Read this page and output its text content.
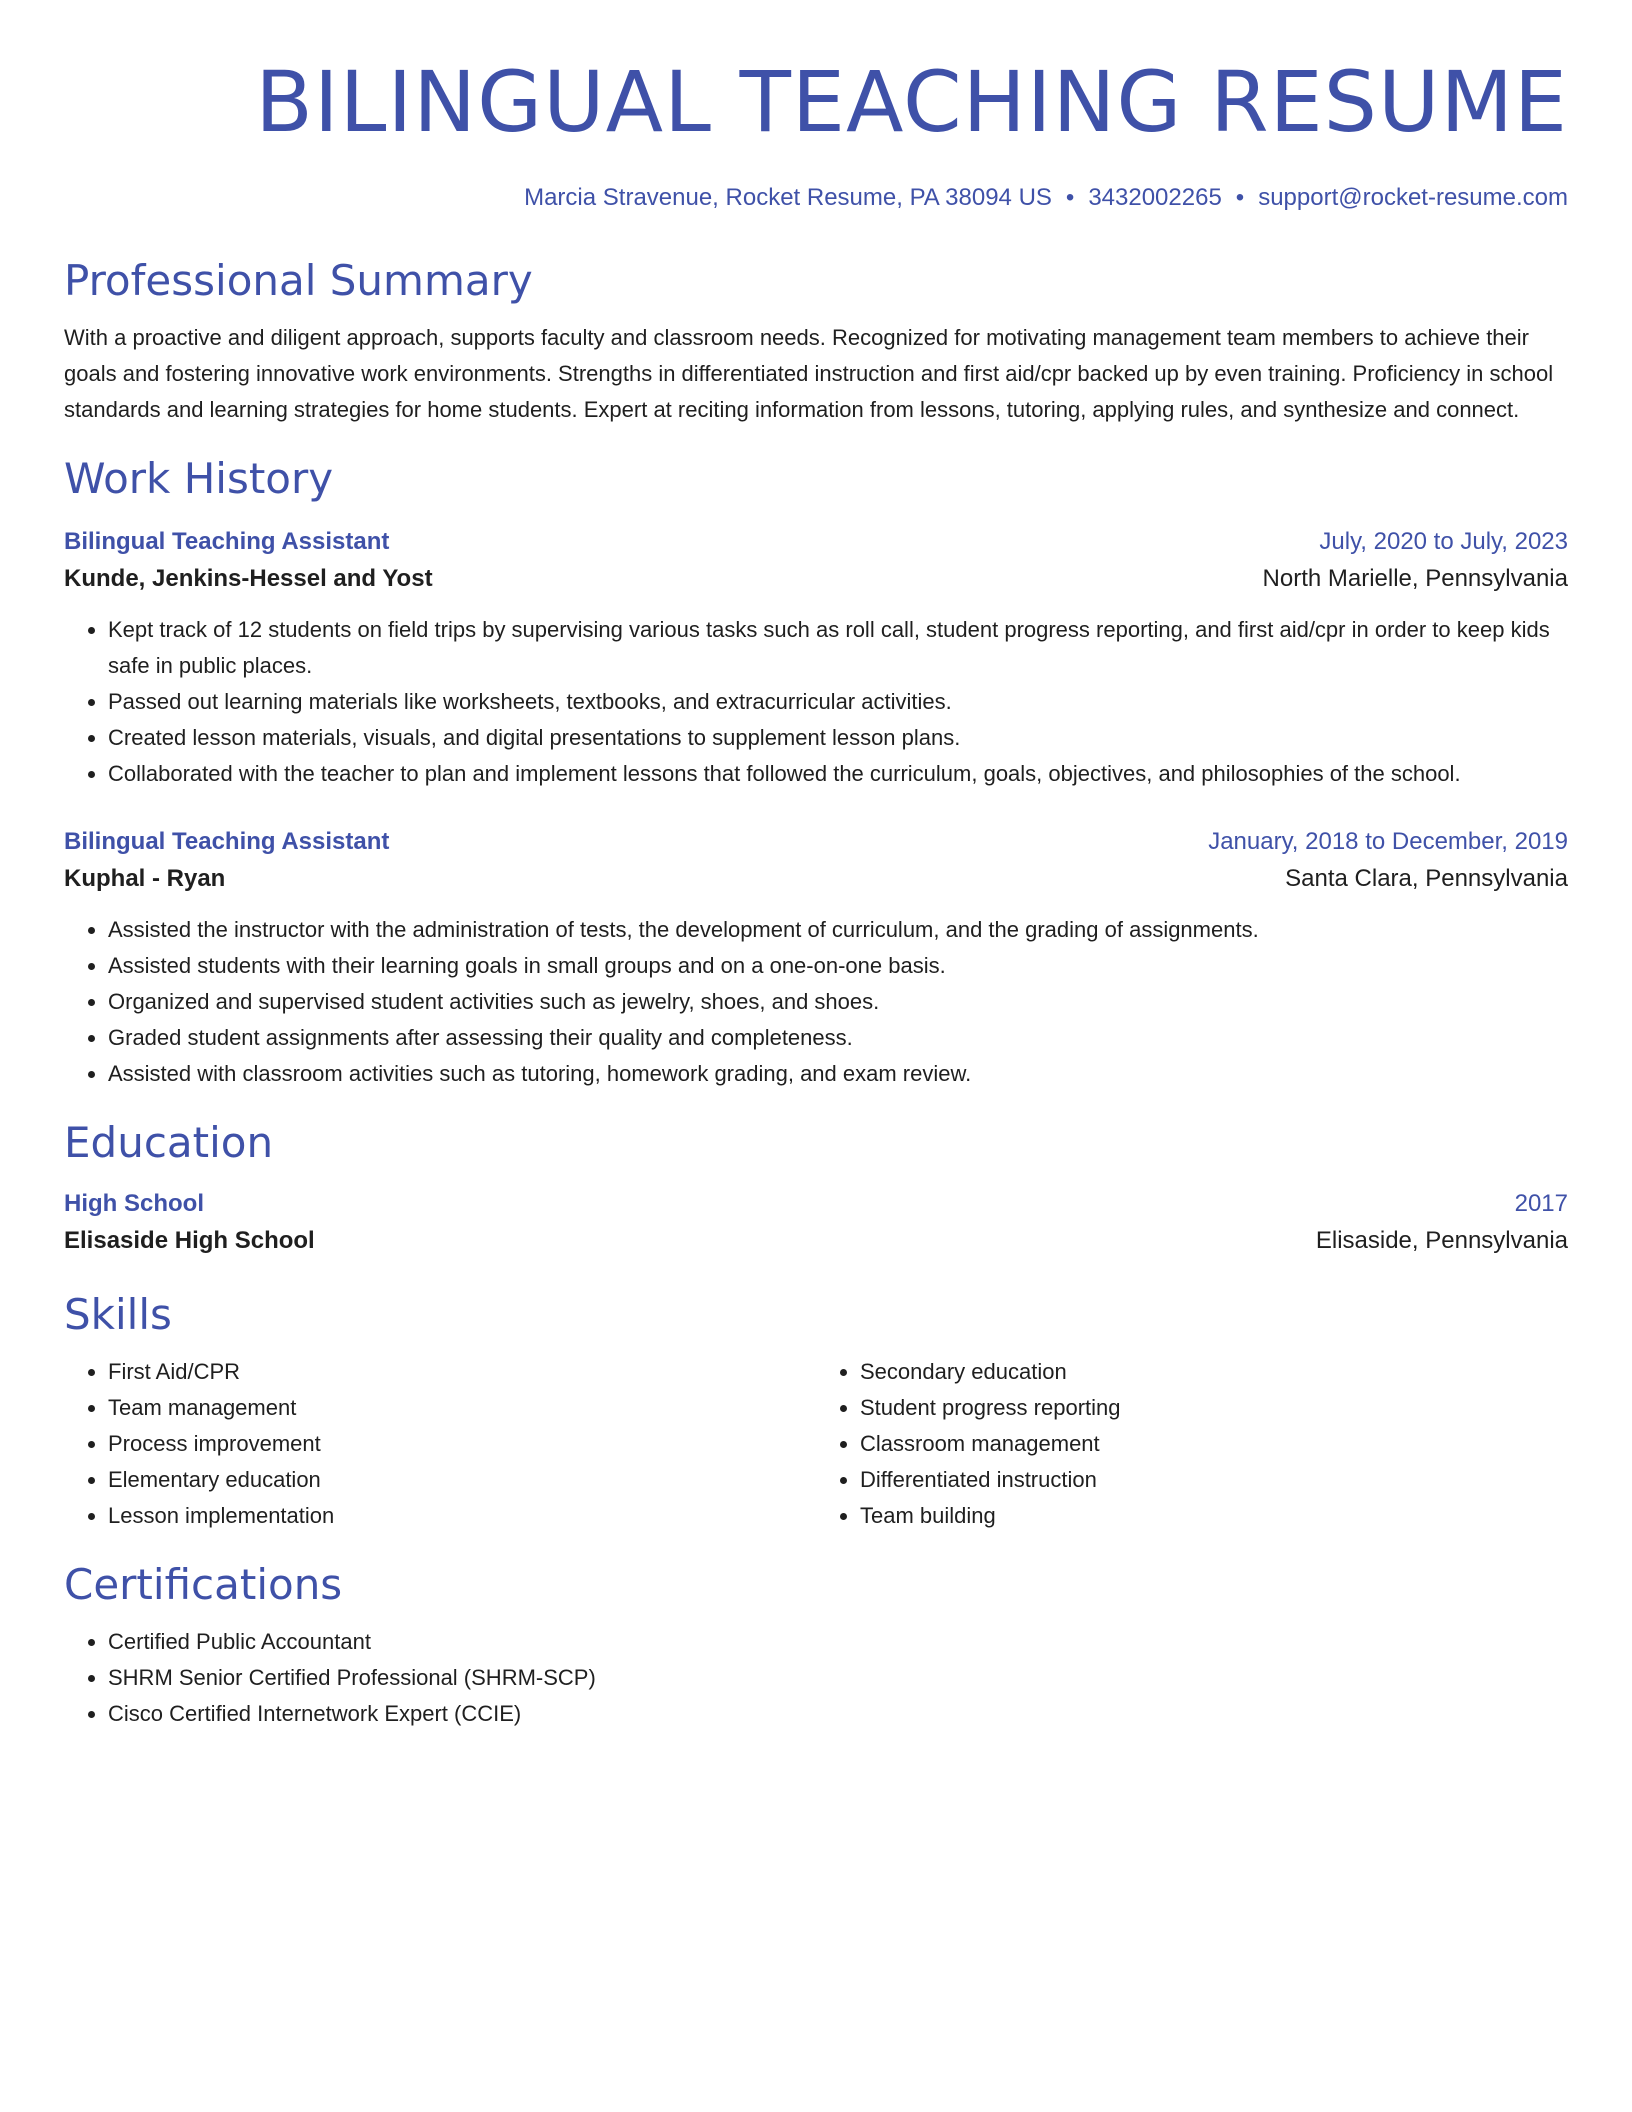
BILINGUAL TEACHING RESUME
Marcia Stravenue, Rocket Resume, PA 38094 US • 3432002265 • support@rocket-resume.com
Professional Summary

With a proactive and diligent approach, supports faculty and classroom needs. Recognized for motivating management team members to achieve their goals and fostering innovative work environments. Strengths in differentiated instruction and first aid/cpr backed up by even training. Proficiency in school standards and learning strategies for home students. Expert at reciting information from lessons, tutoring, applying rules, and synthesize and connect.

Work History
Bilingual Teaching Assistant	July, 2020 to July, 2023
Kunde, Jenkins-Hessel and Yost	North Marielle, Pennsylvania
• Kept track of 12 students on field trips by supervising various tasks such as roll call, student progress reporting, and first aid/cpr in order to keep kids safe in public places.
• Passed out learning materials like worksheets, textbooks, and extracurricular activities.
• Created lesson materials, visuals, and digital presentations to supplement lesson plans.
• Collaborated with the teacher to plan and implement lessons that followed the curriculum, goals, objectives, and philosophies of the school.
Bilingual Teaching Assistant	January, 2018 to December, 2019
Kuphal - Ryan	Santa Clara, Pennsylvania
• Assisted the instructor with the administration of tests, the development of curriculum, and the grading of assignments.
• Assisted students with their learning goals in small groups and on a one-on-one basis.
• Organized and supervised student activities such as jewelry, shoes, and shoes.
• Graded student assignments after assessing their quality and completeness.
• Assisted with classroom activities such as tutoring, homework grading, and exam review.
Education
High School	2017
Elisaside High School	Elisaside, Pennsylvania
Skills
• First Aid/CPR
• Team management
• Process improvement
• Elementary education
• Lesson implementation
• Secondary education
• Student progress reporting
• Classroom management
• Differentiated instruction
• Team building
Certifications
• Certified Public Accountant
• SHRM Senior Certified Professional (SHRM-SCP)
• Cisco Certified Internetwork Expert (CCIE)
